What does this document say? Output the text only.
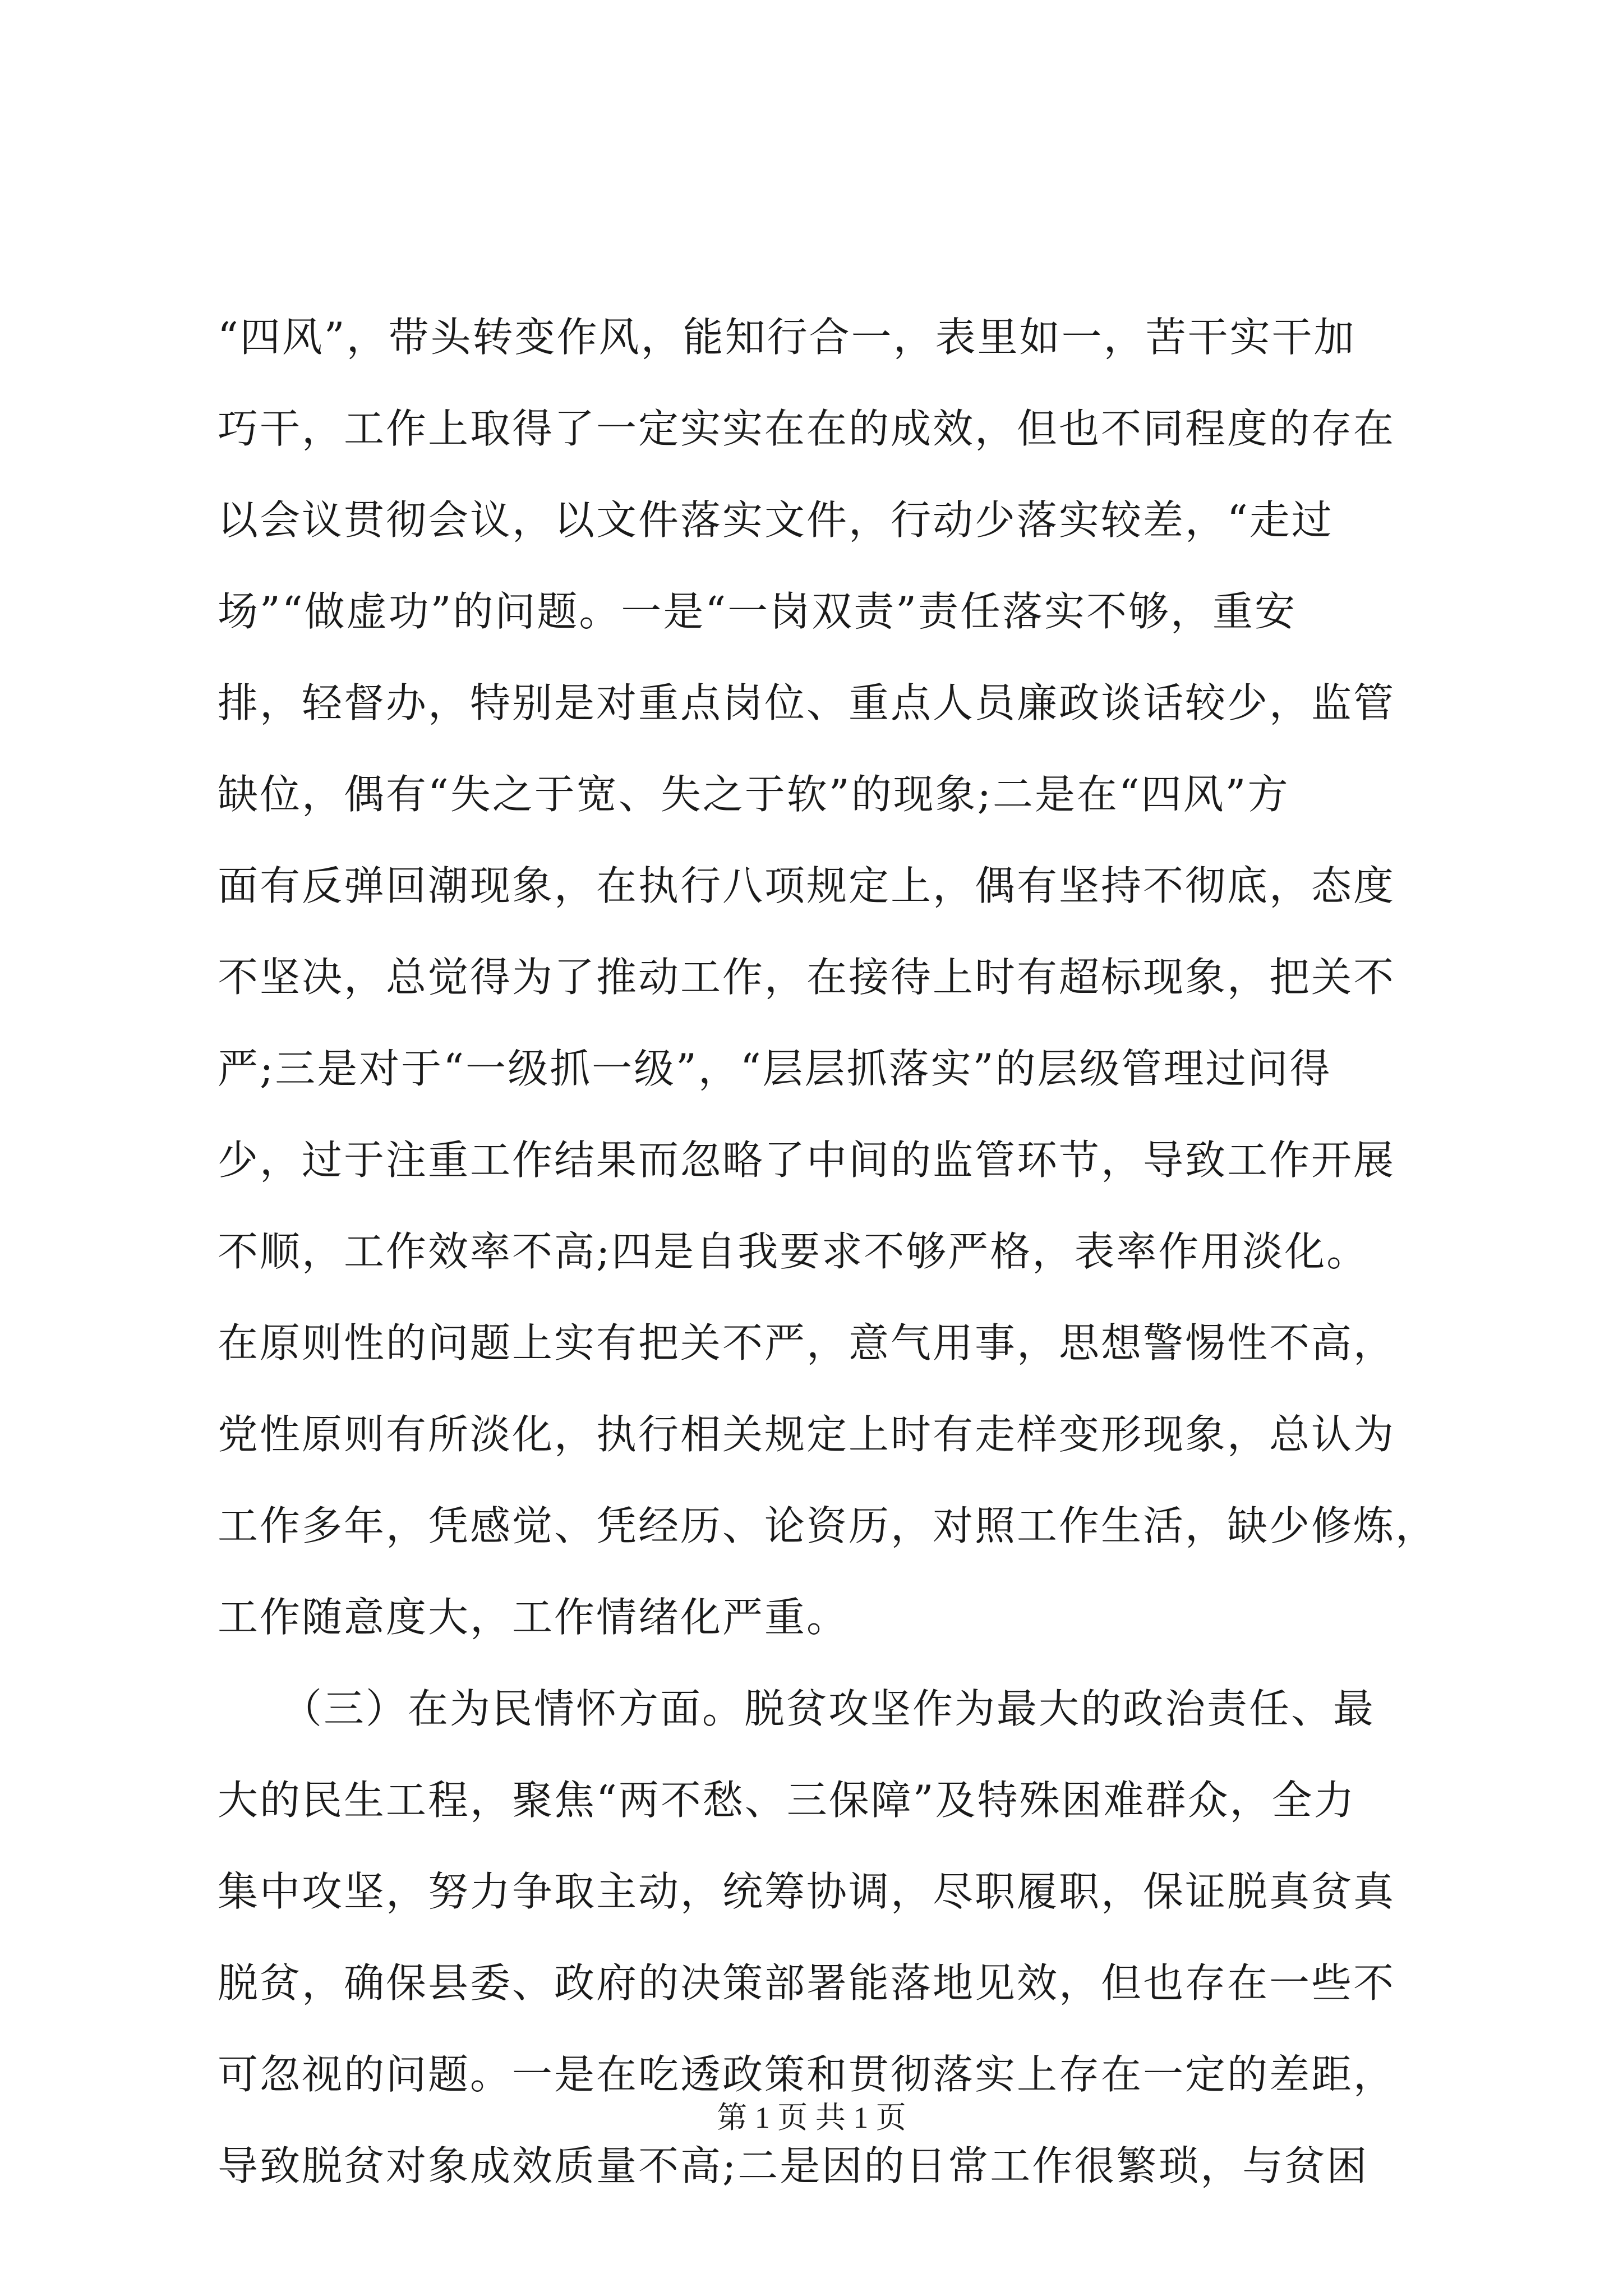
“四风”，带头转变作风，能知行合一，表里如一，苦干实干加
巧干，工作上取得了一定实实在在的成效，但也不同程度的存在
以会议贯彻会议，以文件落实文件，行动少落实较差，“走过
场”“做虚功”的问题。一是“一岗双责”责任落实不够，重安
排，轻督办，特别是对重点岗位、重点人员廉政谈话较少，监管
缺位，偶有“失之于宽、失之于软”的现象;二是在“四风”方
面有反弹回潮现象，在执行八项规定上，偶有坚持不彻底，态度
不坚决，总觉得为了推动工作，在接待上时有超标现象，把关不
严;三是对于“一级抓一级”，“层层抓落实”的层级管理过问得
少，过于注重工作结果而忽略了中间的监管环节，导致工作开展
不顺，工作效率不高;四是自我要求不够严格，表率作用淡化。
在原则性的问题上实有把关不严，意气用事，思想警惕性不高，
党性原则有所淡化，执行相关规定上时有走样变形现象，总认为
工作多年，凭感觉、凭经历、论资历，对照工作生活，缺少修炼，
工作随意度大，工作情绪化严重。
　　（三）在为民情怀方面。脱贫攻坚作为最大的政治责任、最
大的民生工程，聚焦“两不愁、三保障”及特殊困难群众，全力
集中攻坚，努力争取主动，统筹协调，尽职履职，保证脱真贫真
脱贫，确保县委、政府的决策部署能落地见效，但也存在一些不
可忽视的问题。一是在吃透政策和贯彻落实上存在一定的差距，
导致脱贫对象成效质量不高;二是因的日常工作很繁琐，与贫困
第 1 页 共 1 页
